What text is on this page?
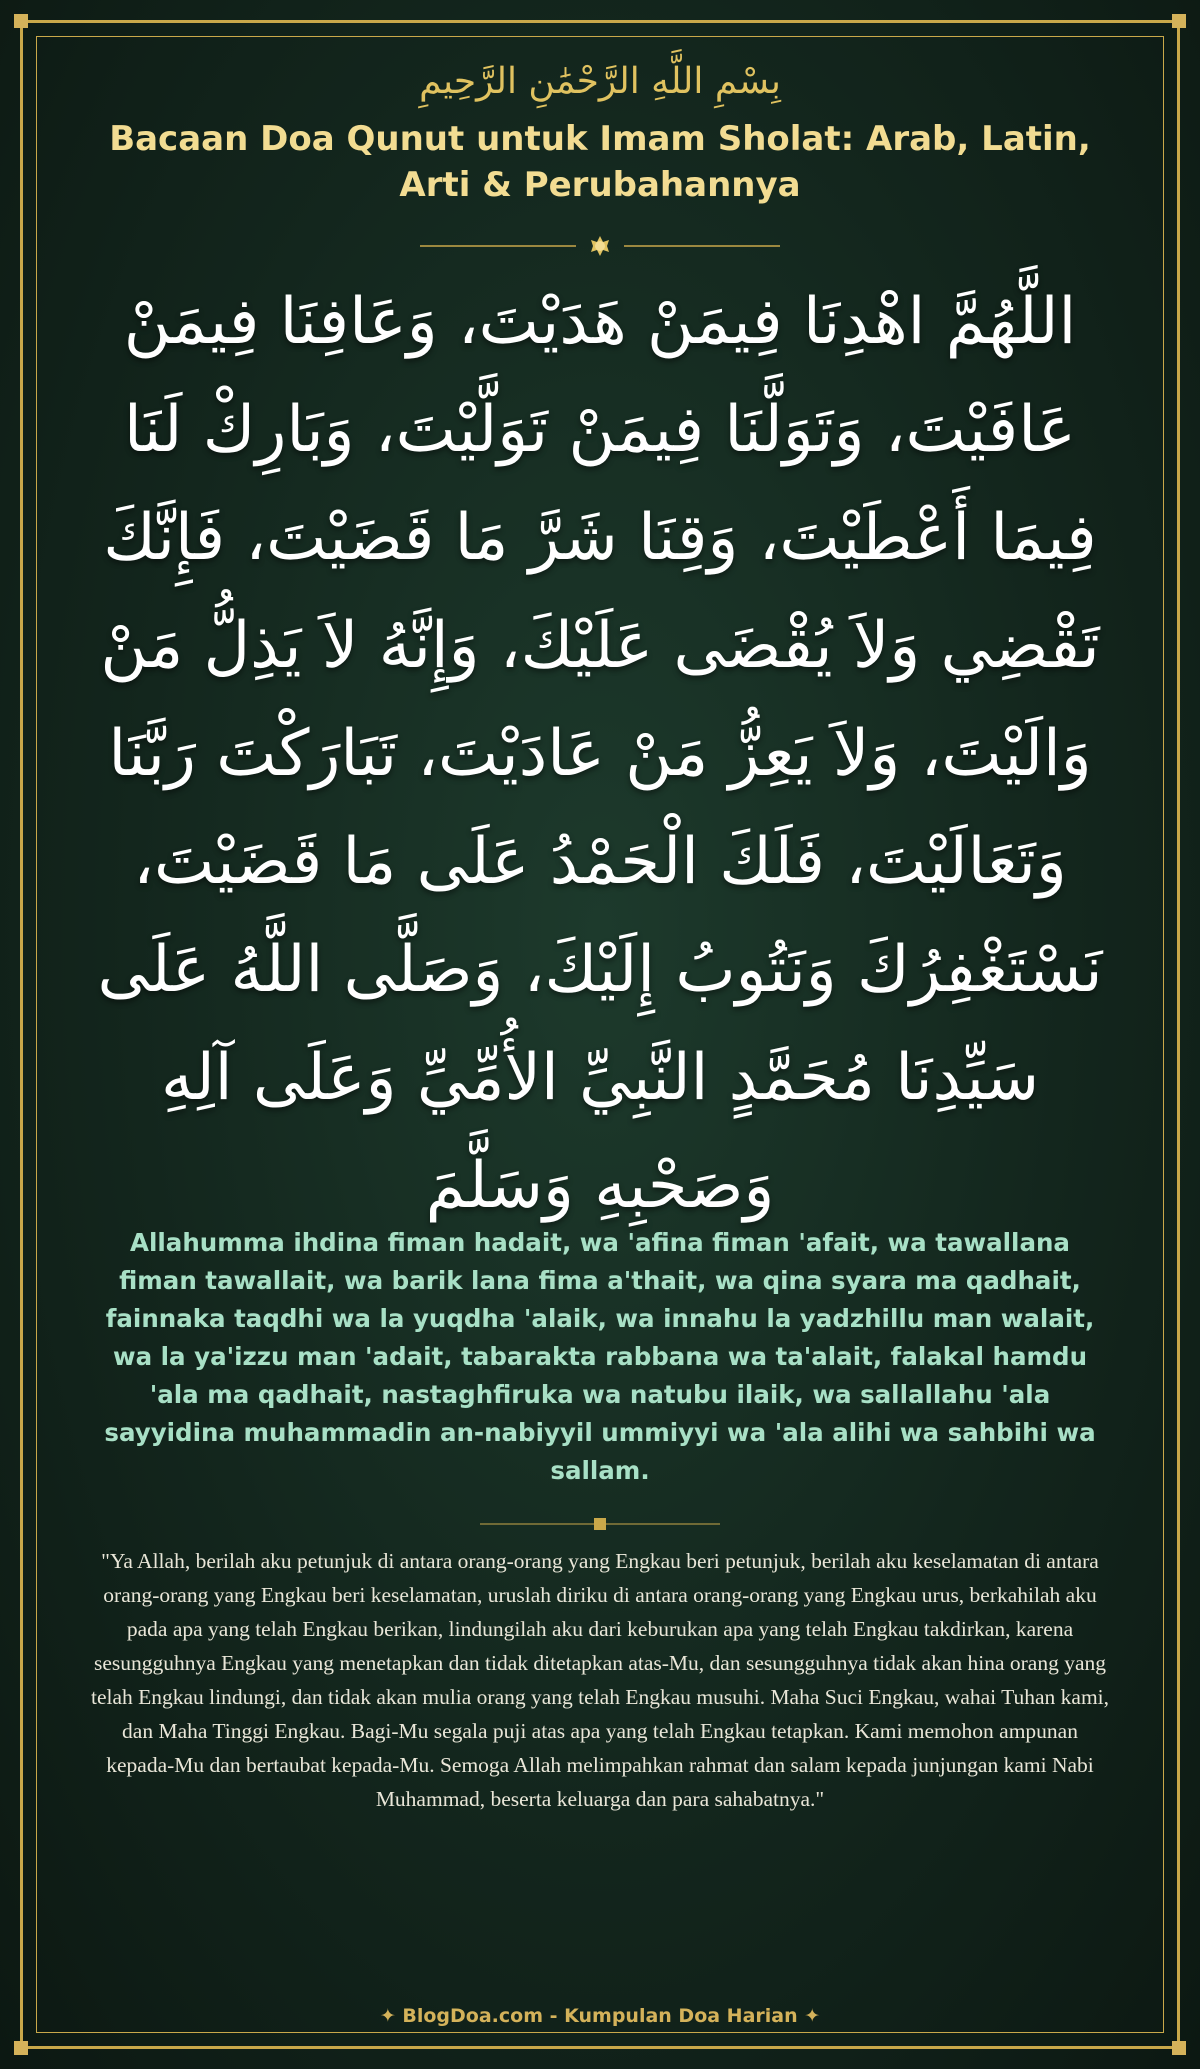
بِسْمِ اللَّهِ الرَّحْمَٰنِ الرَّحِيمِ
Bacaan Doa Qunut untuk Imam Sholat: Arab, Latin, Arti & Perubahannya
اللَّهُمَّ اهْدِنَا فِيمَنْ هَدَيْتَ، وَعَافِنَا فِيمَنْ عَافَيْتَ، وَتَوَلَّنَا فِيمَنْ تَوَلَّيْتَ، وَبَارِكْ لَنَا فِيمَا أَعْطَيْتَ، وَقِنَا شَرَّ مَا قَضَيْتَ، فَإِنَّكَ تَقْضِي وَلاَ يُقْضَى عَلَيْكَ، وَإِنَّهُ لاَ يَذِلُّ مَنْ وَالَيْتَ، وَلاَ يَعِزُّ مَنْ عَادَيْتَ، تَبَارَكْتَ رَبَّنَا وَتَعَالَيْتَ، فَلَكَ الْحَمْدُ عَلَى مَا قَضَيْتَ، نَسْتَغْفِرُكَ وَنَتُوبُ إِلَيْكَ، وَصَلَّى اللَّهُ عَلَى سَيِّدِنَا مُحَمَّدٍ النَّبِيِّ الأُمِّيِّ وَعَلَى آلِهِ وَصَحْبِهِ وَسَلَّمَ
Allahumma ihdina fiman hadait, wa 'afina fiman 'afait, wa tawallana fiman tawallait, wa barik lana fima a'thait, wa qina syara ma qadhait, fainnaka taqdhi wa la yuqdha 'alaik, wa innahu la yadzhillu man walait, wa la ya'izzu man 'adait, tabarakta rabbana wa ta'alait, falakal hamdu 'ala ma qadhait, nastaghfiruka wa natubu ilaik, wa sallallahu 'ala sayyidina muhammadin an-nabiyyil ummiyyi wa 'ala alihi wa sahbihi wa sallam.
"Ya Allah, berilah aku petunjuk di antara orang-orang yang Engkau beri petunjuk, berilah aku keselamatan di antara orang-orang yang Engkau beri keselamatan, uruslah diriku di antara orang-orang yang Engkau urus, berkahilah aku pada apa yang telah Engkau berikan, lindungilah aku dari keburukan apa yang telah Engkau takdirkan, karena sesungguhnya Engkau yang menetapkan dan tidak ditetapkan atas-Mu, dan sesungguhnya tidak akan hina orang yang telah Engkau lindungi, dan tidak akan mulia orang yang telah Engkau musuhi. Maha Suci Engkau, wahai Tuhan kami, dan Maha Tinggi Engkau. Bagi-Mu segala puji atas apa yang telah Engkau tetapkan. Kami memohon ampunan kepada-Mu dan bertaubat kepada-Mu. Semoga Allah melimpahkan rahmat dan salam kepada junjungan kami Nabi Muhammad, beserta keluarga dan para sahabatnya."
✦ BlogDoa.com - Kumpulan Doa Harian ✦
